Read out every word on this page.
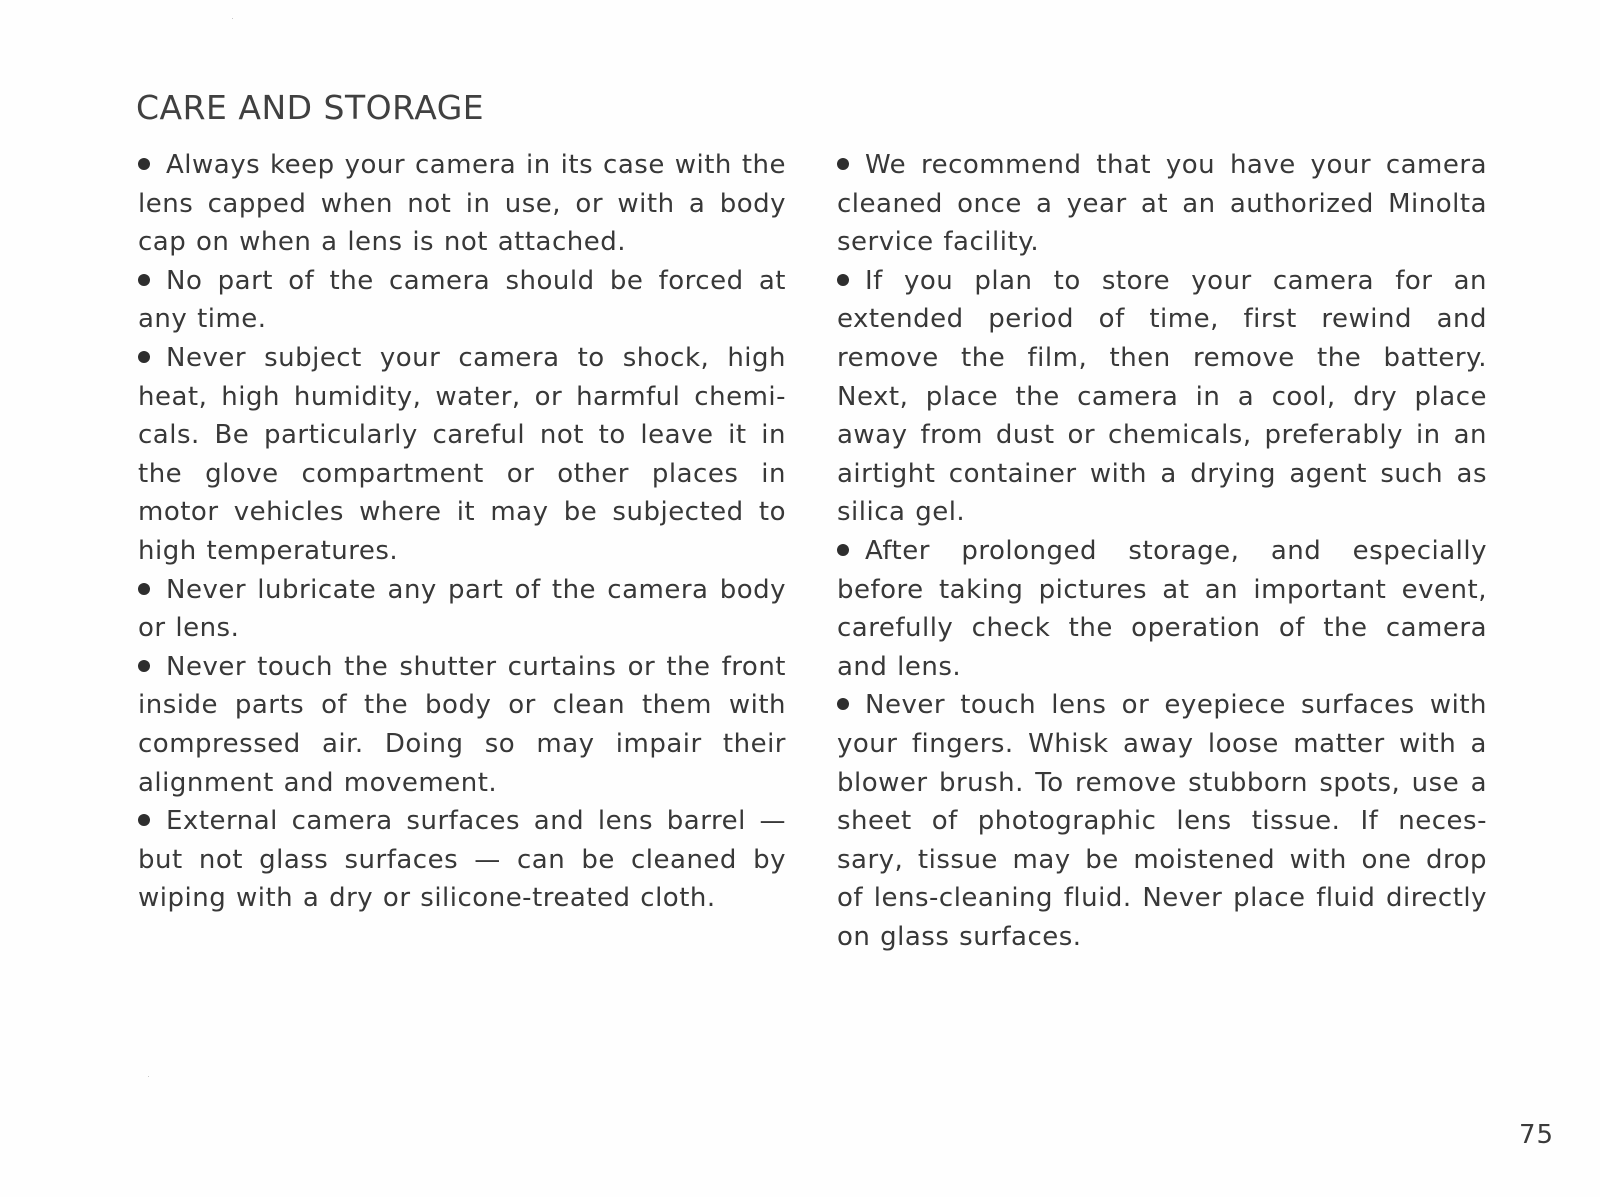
CARE AND STORAGE

Always keep your camera in its case with the lens capped when not in use, or with a body cap on when a lens is not attached.

No part of the camera should be forced at any time.

Never subject your camera to shock, high heat, high humidity, water, or harmful chemi-cals. Be particularly careful not to leave it in the glove compartment or other places in motor vehicles where it may be subjected to high temperatures.

Never lubricate any part of the camera body or lens.

Never touch the shutter curtains or the front inside parts of the body or clean them with compressed air. Doing so may impair their alignment and movement.

External camera surfaces and lens barrel — but not glass surfaces — can be cleaned by wiping with a dry or silicone-treated cloth.

We recommend that you have your camera cleaned once a year at an authorized Minolta service facility.

If you plan to store your camera for an extended period of time, first rewind and remove the film, then remove the battery. Next, place the camera in a cool, dry place away from dust or chemicals, preferably in an airtight container with a drying agent such as silica gel.

After prolonged storage, and especially before taking pictures at an important event, carefully check the operation of the camera and lens.

Never touch lens or eyepiece surfaces with your fingers. Whisk away loose matter with a blower brush. To remove stubborn spots, use a sheet of photographic lens tissue. If neces-sary, tissue may be moistened with one drop of lens-cleaning fluid. Never place fluid directly on glass surfaces.

75
